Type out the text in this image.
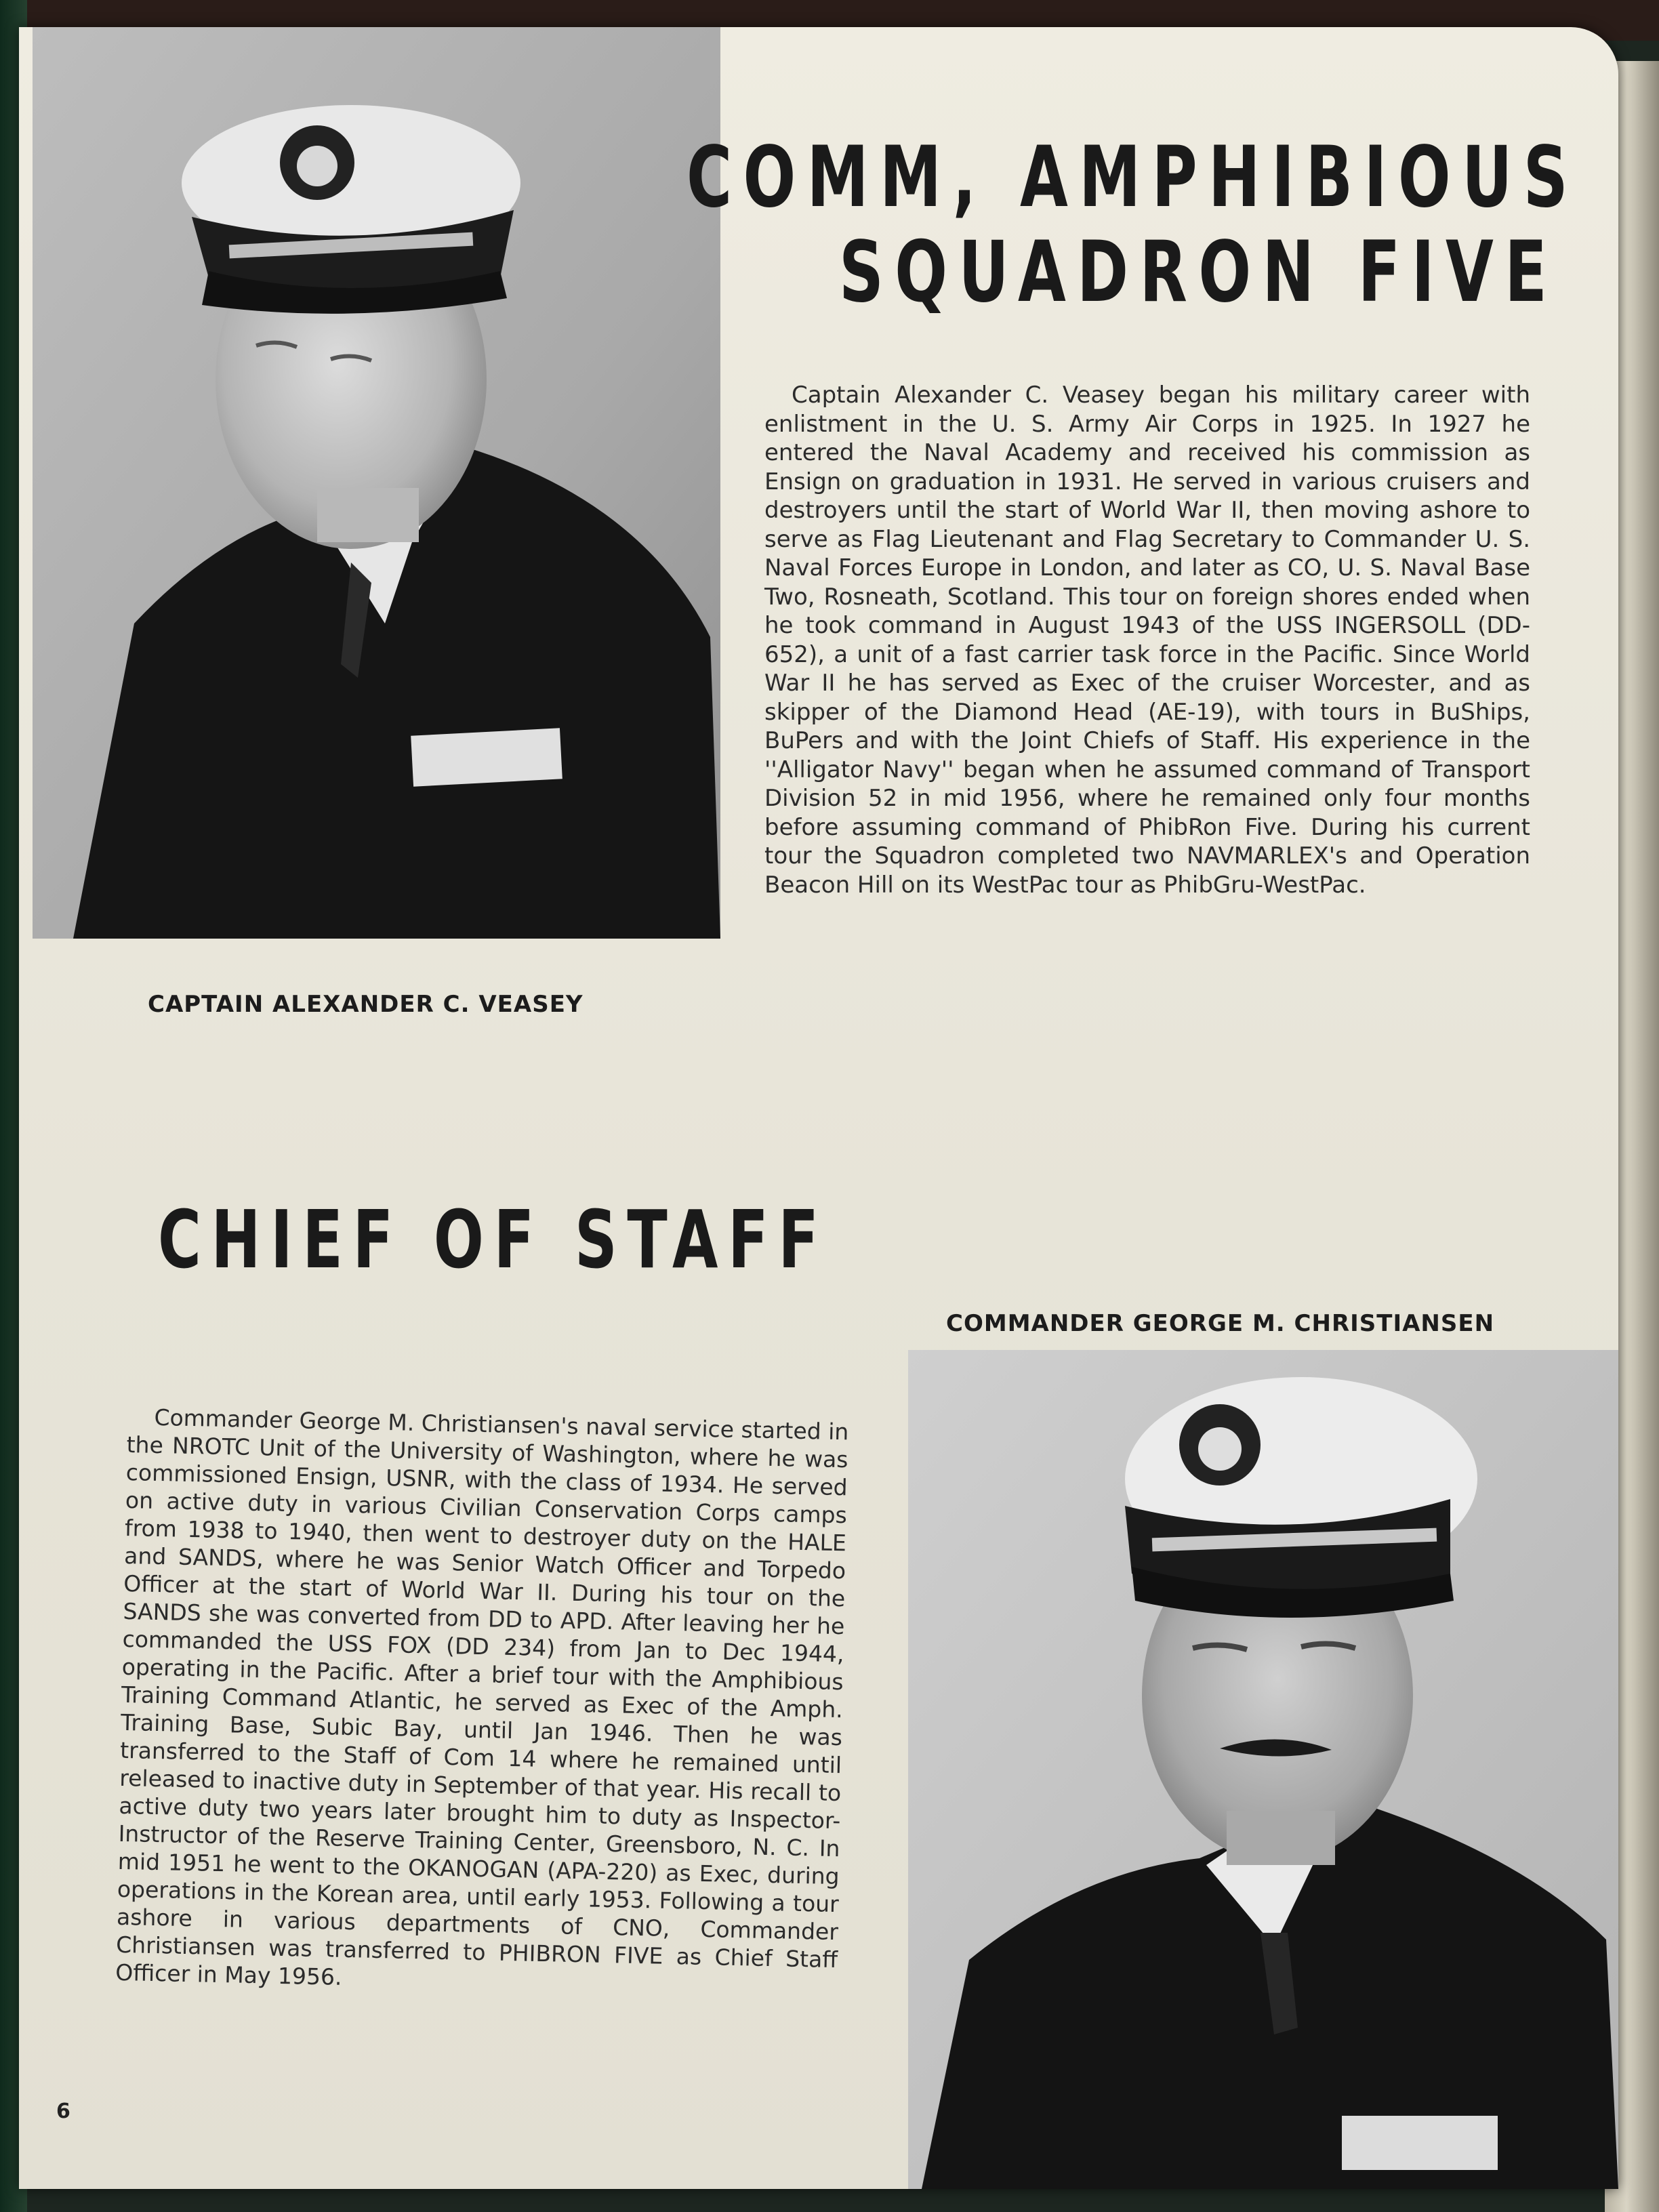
COMM, AMPHIBIOUS
SQUADRON FIVE

Captain Alexander C. Veasey began his military career with enlistment in the U. S. Army Air Corps in 1925. In 1927 he entered the Naval Academy and received his commission as Ensign on graduation in 1931. He served in various cruisers and destroyers until the start of World War II, then moving ashore to serve as Flag Lieutenant and Flag Secretary to Commander U. S. Naval Forces Europe in London, and later as CO, U. S. Naval Base Two, Rosneath, Scotland. This tour on foreign shores ended when he took command in August 1943 of the USS INGERSOLL (DD-652), a unit of a fast carrier task force in the Pacific. Since World War II he has served as Exec of the cruiser Worcester, and as skipper of the Diamond Head (AE-19), with tours in BuShips, BuPers and with the Joint Chiefs of Staff. His experience in the ''Alligator Navy'' began when he assumed command of Transport Division 52 in mid 1956, where he remained only four months before assuming command of PhibRon Five. During his current tour the Squadron completed two NAVMARLEX's and Operation Beacon Hill on its WestPac tour as PhibGru-WestPac.

CAPTAIN ALEXANDER C. VEASEY

CHIEF OF STAFF

COMMANDER GEORGE M. CHRISTIANSEN

Commander George M. Christiansen's naval service started in the NROTC Unit of the University of Washington, where he was commissioned Ensign, USNR, with the class of 1934. He served on active duty in various Civilian Conservation Corps camps from 1938 to 1940, then went to destroyer duty on the HALE and SANDS, where he was Senior Watch Officer and Torpedo Officer at the start of World War II. During his tour on the SANDS she was converted from DD to APD. After leaving her he commanded the USS FOX (DD 234) from Jan to Dec 1944, operating in the Pacific. After a brief tour with the Amphibious Training Command Atlantic, he served as Exec of the Amph. Training Base, Subic Bay, until Jan 1946. Then he was transferred to the Staff of Com 14 where he remained until released to inactive duty in September of that year. His recall to active duty two years later brought him to duty as Inspector-Instructor of the Reserve Training Center, Greensboro, N. C. In mid 1951 he went to the OKANOGAN (APA-220) as Exec, during operations in the Korean area, until early 1953. Following a tour ashore in various departments of CNO, Commander Christiansen was transferred to PHIBRON FIVE as Chief Staff Officer in May 1956.

6
